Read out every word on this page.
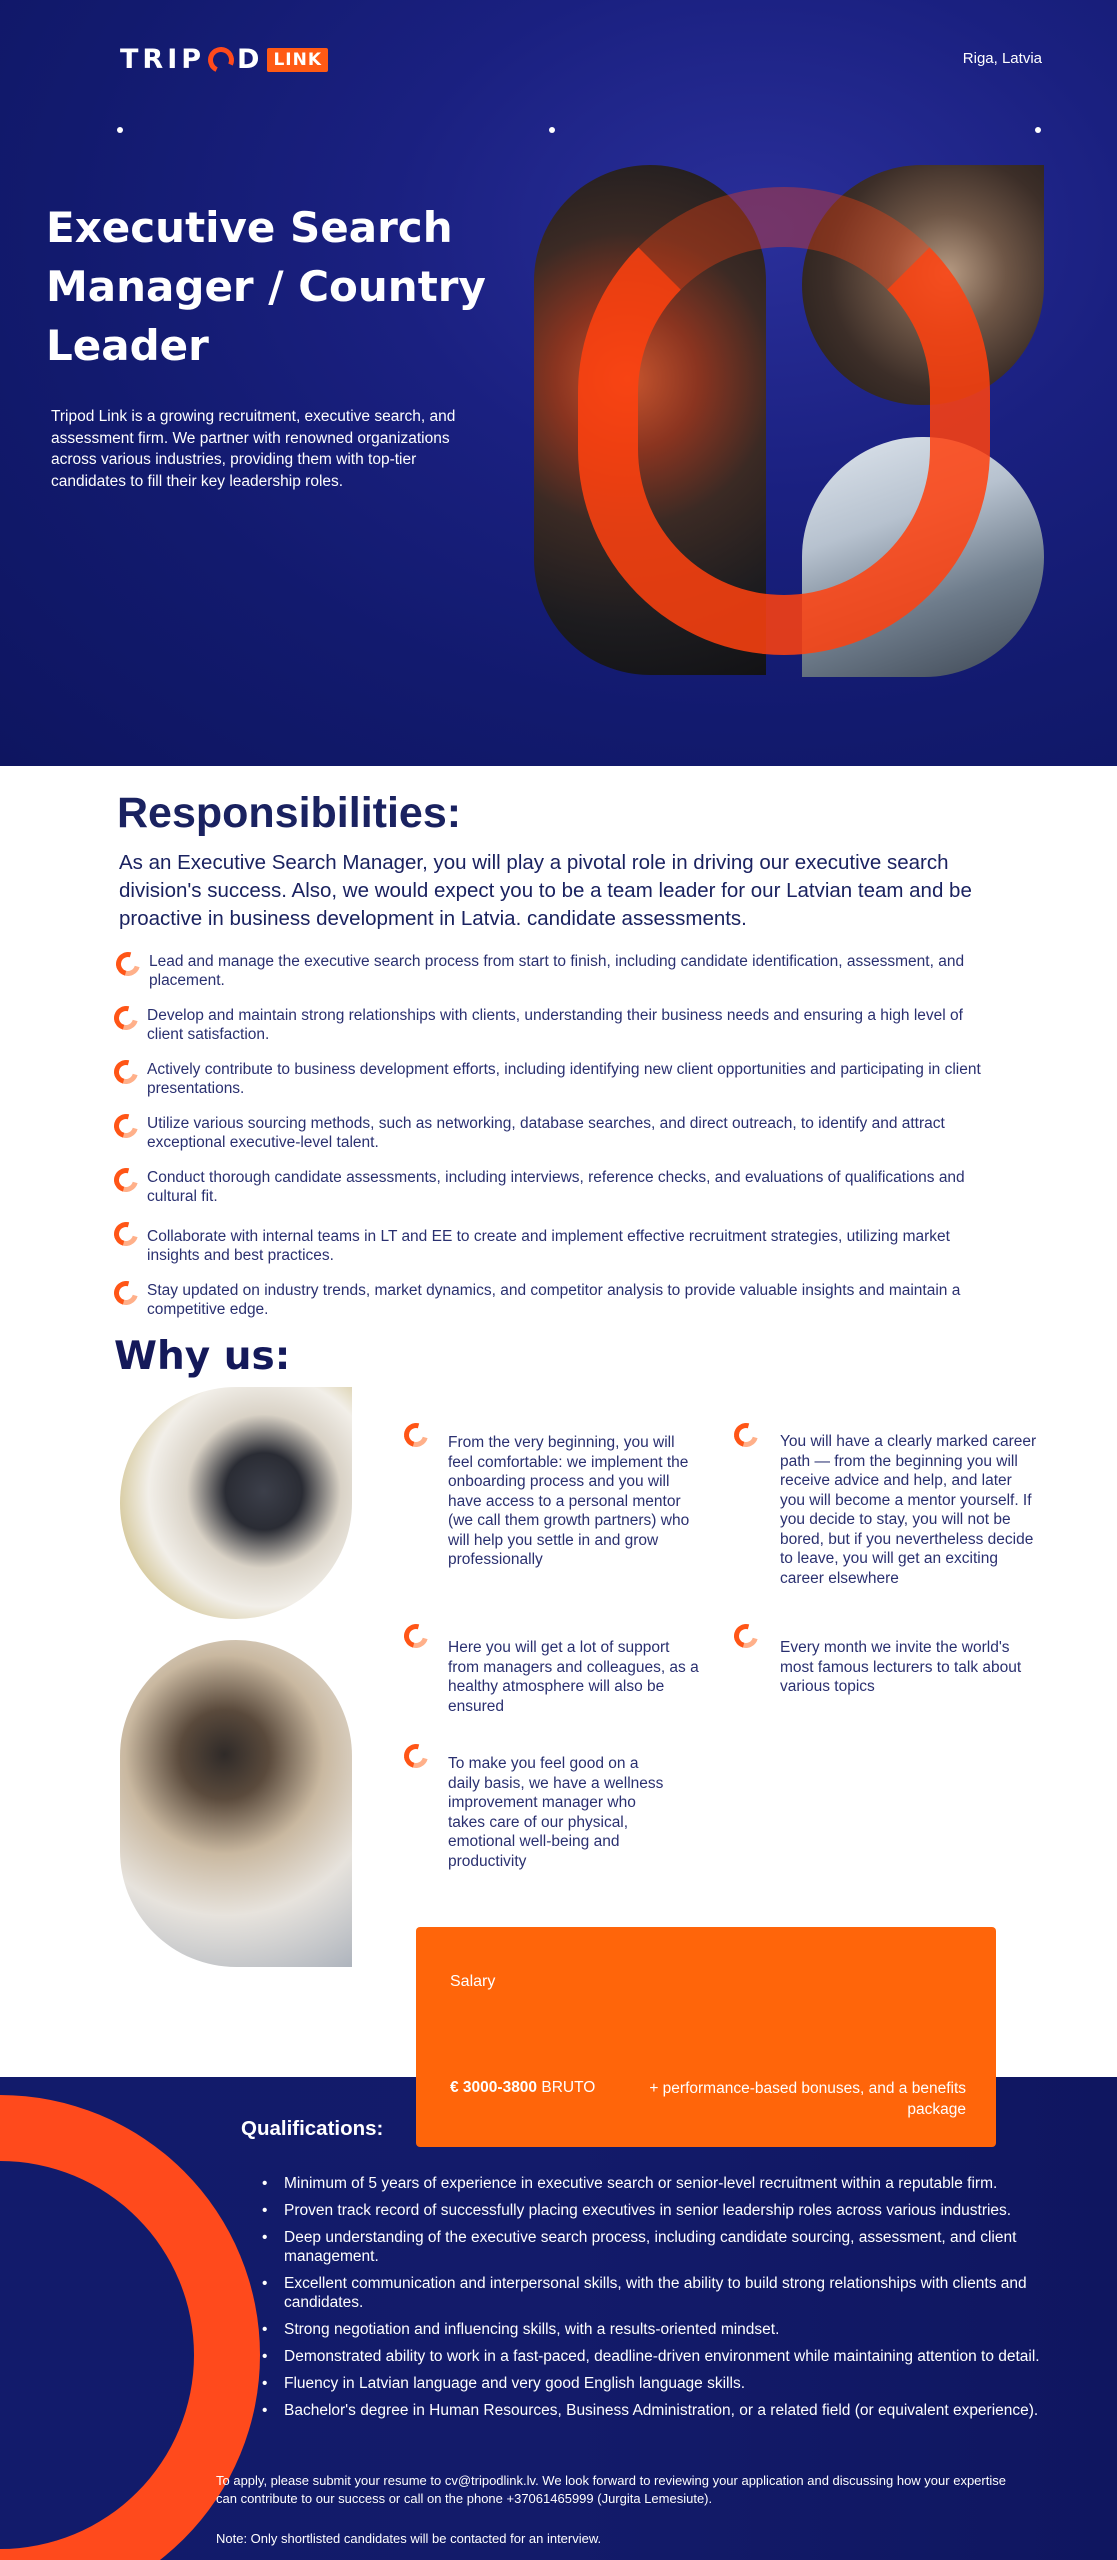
TRIP D LINK	Riga, Latvia
Executive Search Manager / Country Leader

Tripod Link is a growing recruitment, executive search, and assessment firm. We partner with renowned organizations across various industries, providing them with top-tier candidates to fill their key leadership roles.

Responsibilities:

As an Executive Search Manager, you will play a pivotal role in driving our executive search division's success. Also, we would expect you to be a team leader for our Latvian team and be proactive in business development in Latvia. candidate assessments.

Lead and manage the executive search process from start to finish, including candidate identification, assessment, and placement.
Develop and maintain strong relationships with clients, understanding their business needs and ensuring a high level of client satisfaction.
Actively contribute to business development efforts, including identifying new client opportunities and participating in client presentations.
Utilize various sourcing methods, such as networking, database searches, and direct outreach, to identify and attract exceptional executive-level talent.
Conduct thorough candidate assessments, including interviews, reference checks, and evaluations of qualifications and cultural fit.
Collaborate with internal teams in LT and EE to create and implement effective recruitment strategies, utilizing market insights and best practices.
Stay updated on industry trends, market dynamics, and competitor analysis to provide valuable insights and maintain a competitive edge.
Why us:
From the very beginning, you will feel comfortable: we implement the onboarding process and you will have access to a personal mentor (we call them growth partners) who will help you settle in and grow professionally
You will have a clearly marked career path — from the beginning you will receive advice and help, and later you will become a mentor yourself. If you decide to stay, you will not be bored, but if you nevertheless decide to leave, you will get an exciting career elsewhere
Here you will get a lot of support from managers and colleagues, as a healthy atmosphere will also be ensured
Every month we invite the world's most famous lecturers to talk about various topics
To make you feel good on a daily basis, we have a wellness improvement manager who takes care of our physical, emotional well-being and productivity
Qualifications:
• Minimum of 5 years of experience in executive search or senior-level recruitment within a reputable firm.
• Proven track record of successfully placing executives in senior leadership roles across various industries.
• Deep understanding of the executive search process, including candidate sourcing, assessment, and client management.
• Excellent communication and interpersonal skills, with the ability to build strong relationships with clients and candidates.
• Strong negotiation and influencing skills, with a results-oriented mindset.
• Demonstrated ability to work in a fast-paced, deadline-driven environment while maintaining attention to detail.
• Fluency in Latvian language and very good English language skills.
• Bachelor's degree in Human Resources, Business Administration, or a related field (or equivalent experience).

To apply, please submit your resume to cv@tripodlink.lv. We look forward to reviewing your application and discussing how your expertise can contribute to our success or call on the phone +37061465999 (Jurgita Lemesiute).

Note: Only shortlisted candidates will be contacted for an interview.

Salary
€ 3000-3800 BRUTO	+ performance-based bonuses, and a benefits package
